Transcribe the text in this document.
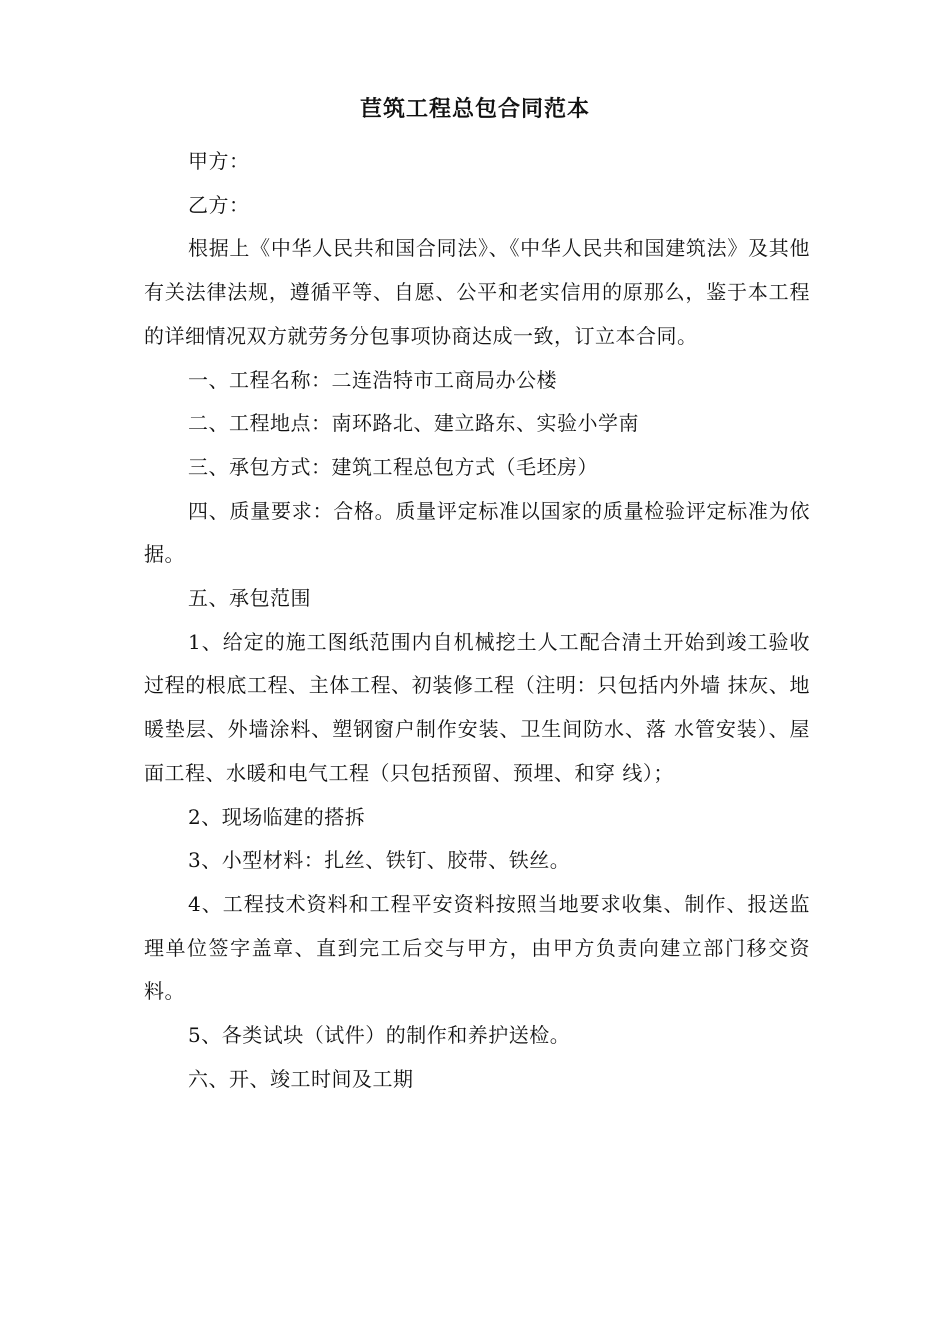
苣筑工程总包合同范本

甲方：

乙方：

根据上《中华人民共和国合同法》、《中华人民共和国建筑法》及其他有关法律法规，遵循平等、自愿、公平和老实信用的原那么，鉴于本工程的详细情况双方就劳务分包事项协商达成一致，订立本合同。

一、工程名称：二连浩特市工商局办公楼

二、工程地点：南环路北、建立路东、实验小学南

三、承包方式：建筑工程总包方式（毛坯房）

四、质量要求：合格。质量评定标准以国家的质量检验评定标准为依据。

五、承包范围

1、给定的施工图纸范围内自机械挖土人工配合清土开始到竣工验收过程的根底工程、主体工程、初装修工程（注明：只包括内外墙 抹灰、地暖垫层、外墙涂料、塑钢窗户制作安装、卫生间防水、落 水管安装）、屋面工程、水暖和电气工程（只包括预留、预埋、和穿 线）；

2、现场临建的搭拆

3、小型材料：扎丝、铁钉、胶带、铁丝。

4、工程技术资料和工程平安资料按照当地要求收集、制作、报送监理单位签字盖章、直到完工后交与甲方，由甲方负责向建立部门移交资料。

5、各类试块（试件）的制作和养护送检。

六、开、竣工时间及工期
